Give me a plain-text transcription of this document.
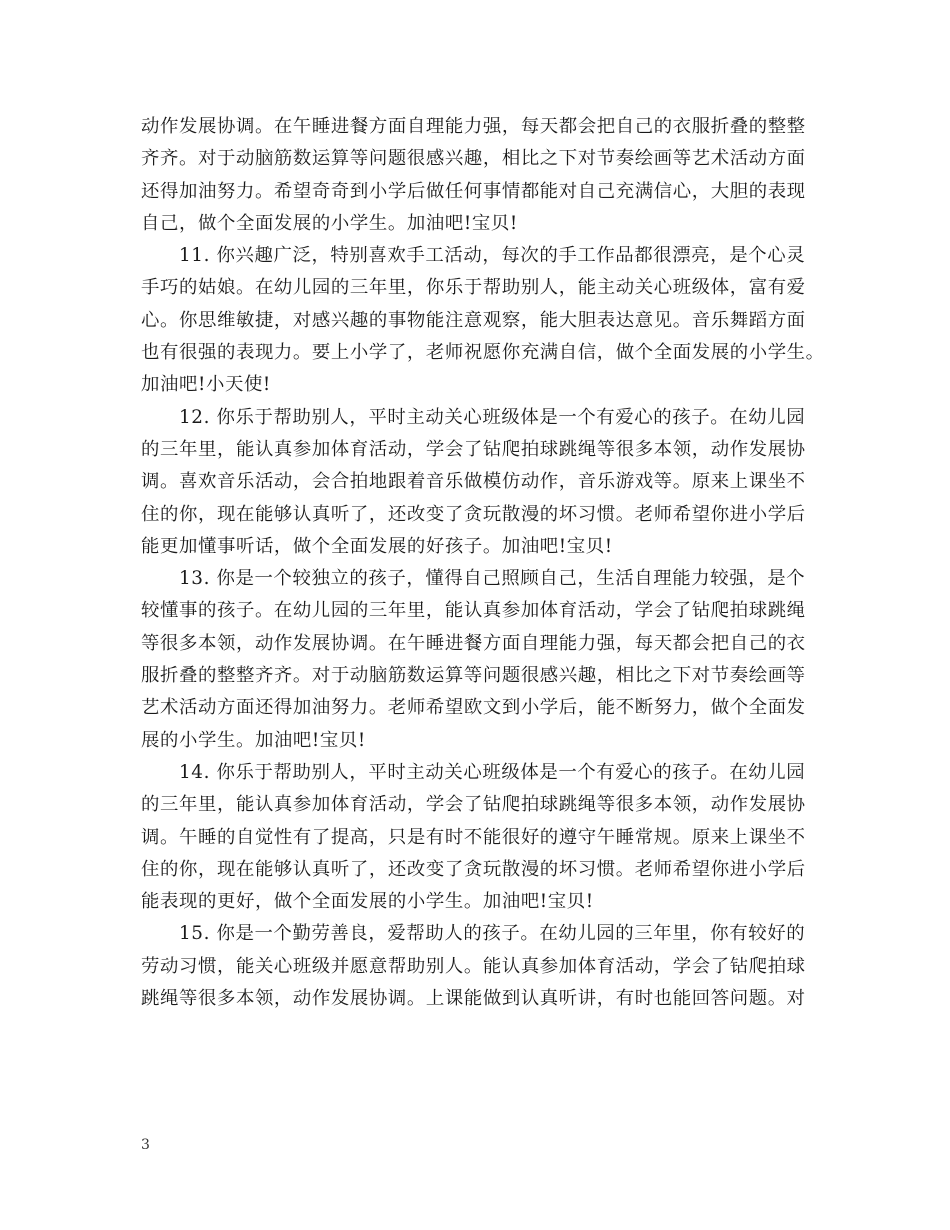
动作发展协调。在午睡进餐方面自理能力强，每天都会把自己的衣服折叠的整整
齐齐。对于动脑筋数运算等问题很感兴趣，相比之下对节奏绘画等艺术活动方面
还得加油努力。希望奇奇到小学后做任何事情都能对自己充满信心，大胆的表现
自己，做个全面发展的小学生。加油吧!宝贝!
11. 你兴趣广泛，特别喜欢手工活动，每次的手工作品都很漂亮，是个心灵
手巧的姑娘。在幼儿园的三年里，你乐于帮助别人，能主动关心班级体，富有爱
心。你思维敏捷，对感兴趣的事物能注意观察，能大胆表达意见。音乐舞蹈方面
也有很强的表现力。要上小学了，老师祝愿你充满自信，做个全面发展的小学生。
加油吧!小天使!
12. 你乐于帮助别人，平时主动关心班级体是一个有爱心的孩子。在幼儿园
的三年里，能认真参加体育活动，学会了钻爬拍球跳绳等很多本领，动作发展协
调。喜欢音乐活动，会合拍地跟着音乐做模仿动作，音乐游戏等。原来上课坐不
住的你，现在能够认真听了，还改变了贪玩散漫的坏习惯。老师希望你进小学后
能更加懂事听话，做个全面发展的好孩子。加油吧!宝贝!
13. 你是一个较独立的孩子，懂得自己照顾自己，生活自理能力较强，是个
较懂事的孩子。在幼儿园的三年里，能认真参加体育活动，学会了钻爬拍球跳绳
等很多本领，动作发展协调。在午睡进餐方面自理能力强，每天都会把自己的衣
服折叠的整整齐齐。对于动脑筋数运算等问题很感兴趣，相比之下对节奏绘画等
艺术活动方面还得加油努力。老师希望欧文到小学后，能不断努力，做个全面发
展的小学生。加油吧!宝贝!
14. 你乐于帮助别人，平时主动关心班级体是一个有爱心的孩子。在幼儿园
的三年里，能认真参加体育活动，学会了钻爬拍球跳绳等很多本领，动作发展协
调。午睡的自觉性有了提高，只是有时不能很好的遵守午睡常规。原来上课坐不
住的你，现在能够认真听了，还改变了贪玩散漫的坏习惯。老师希望你进小学后
能表现的更好，做个全面发展的小学生。加油吧!宝贝!
15. 你是一个勤劳善良，爱帮助人的孩子。在幼儿园的三年里，你有较好的
劳动习惯，能关心班级并愿意帮助别人。能认真参加体育活动，学会了钻爬拍球
跳绳等很多本领，动作发展协调。上课能做到认真听讲，有时也能回答问题。对
3
